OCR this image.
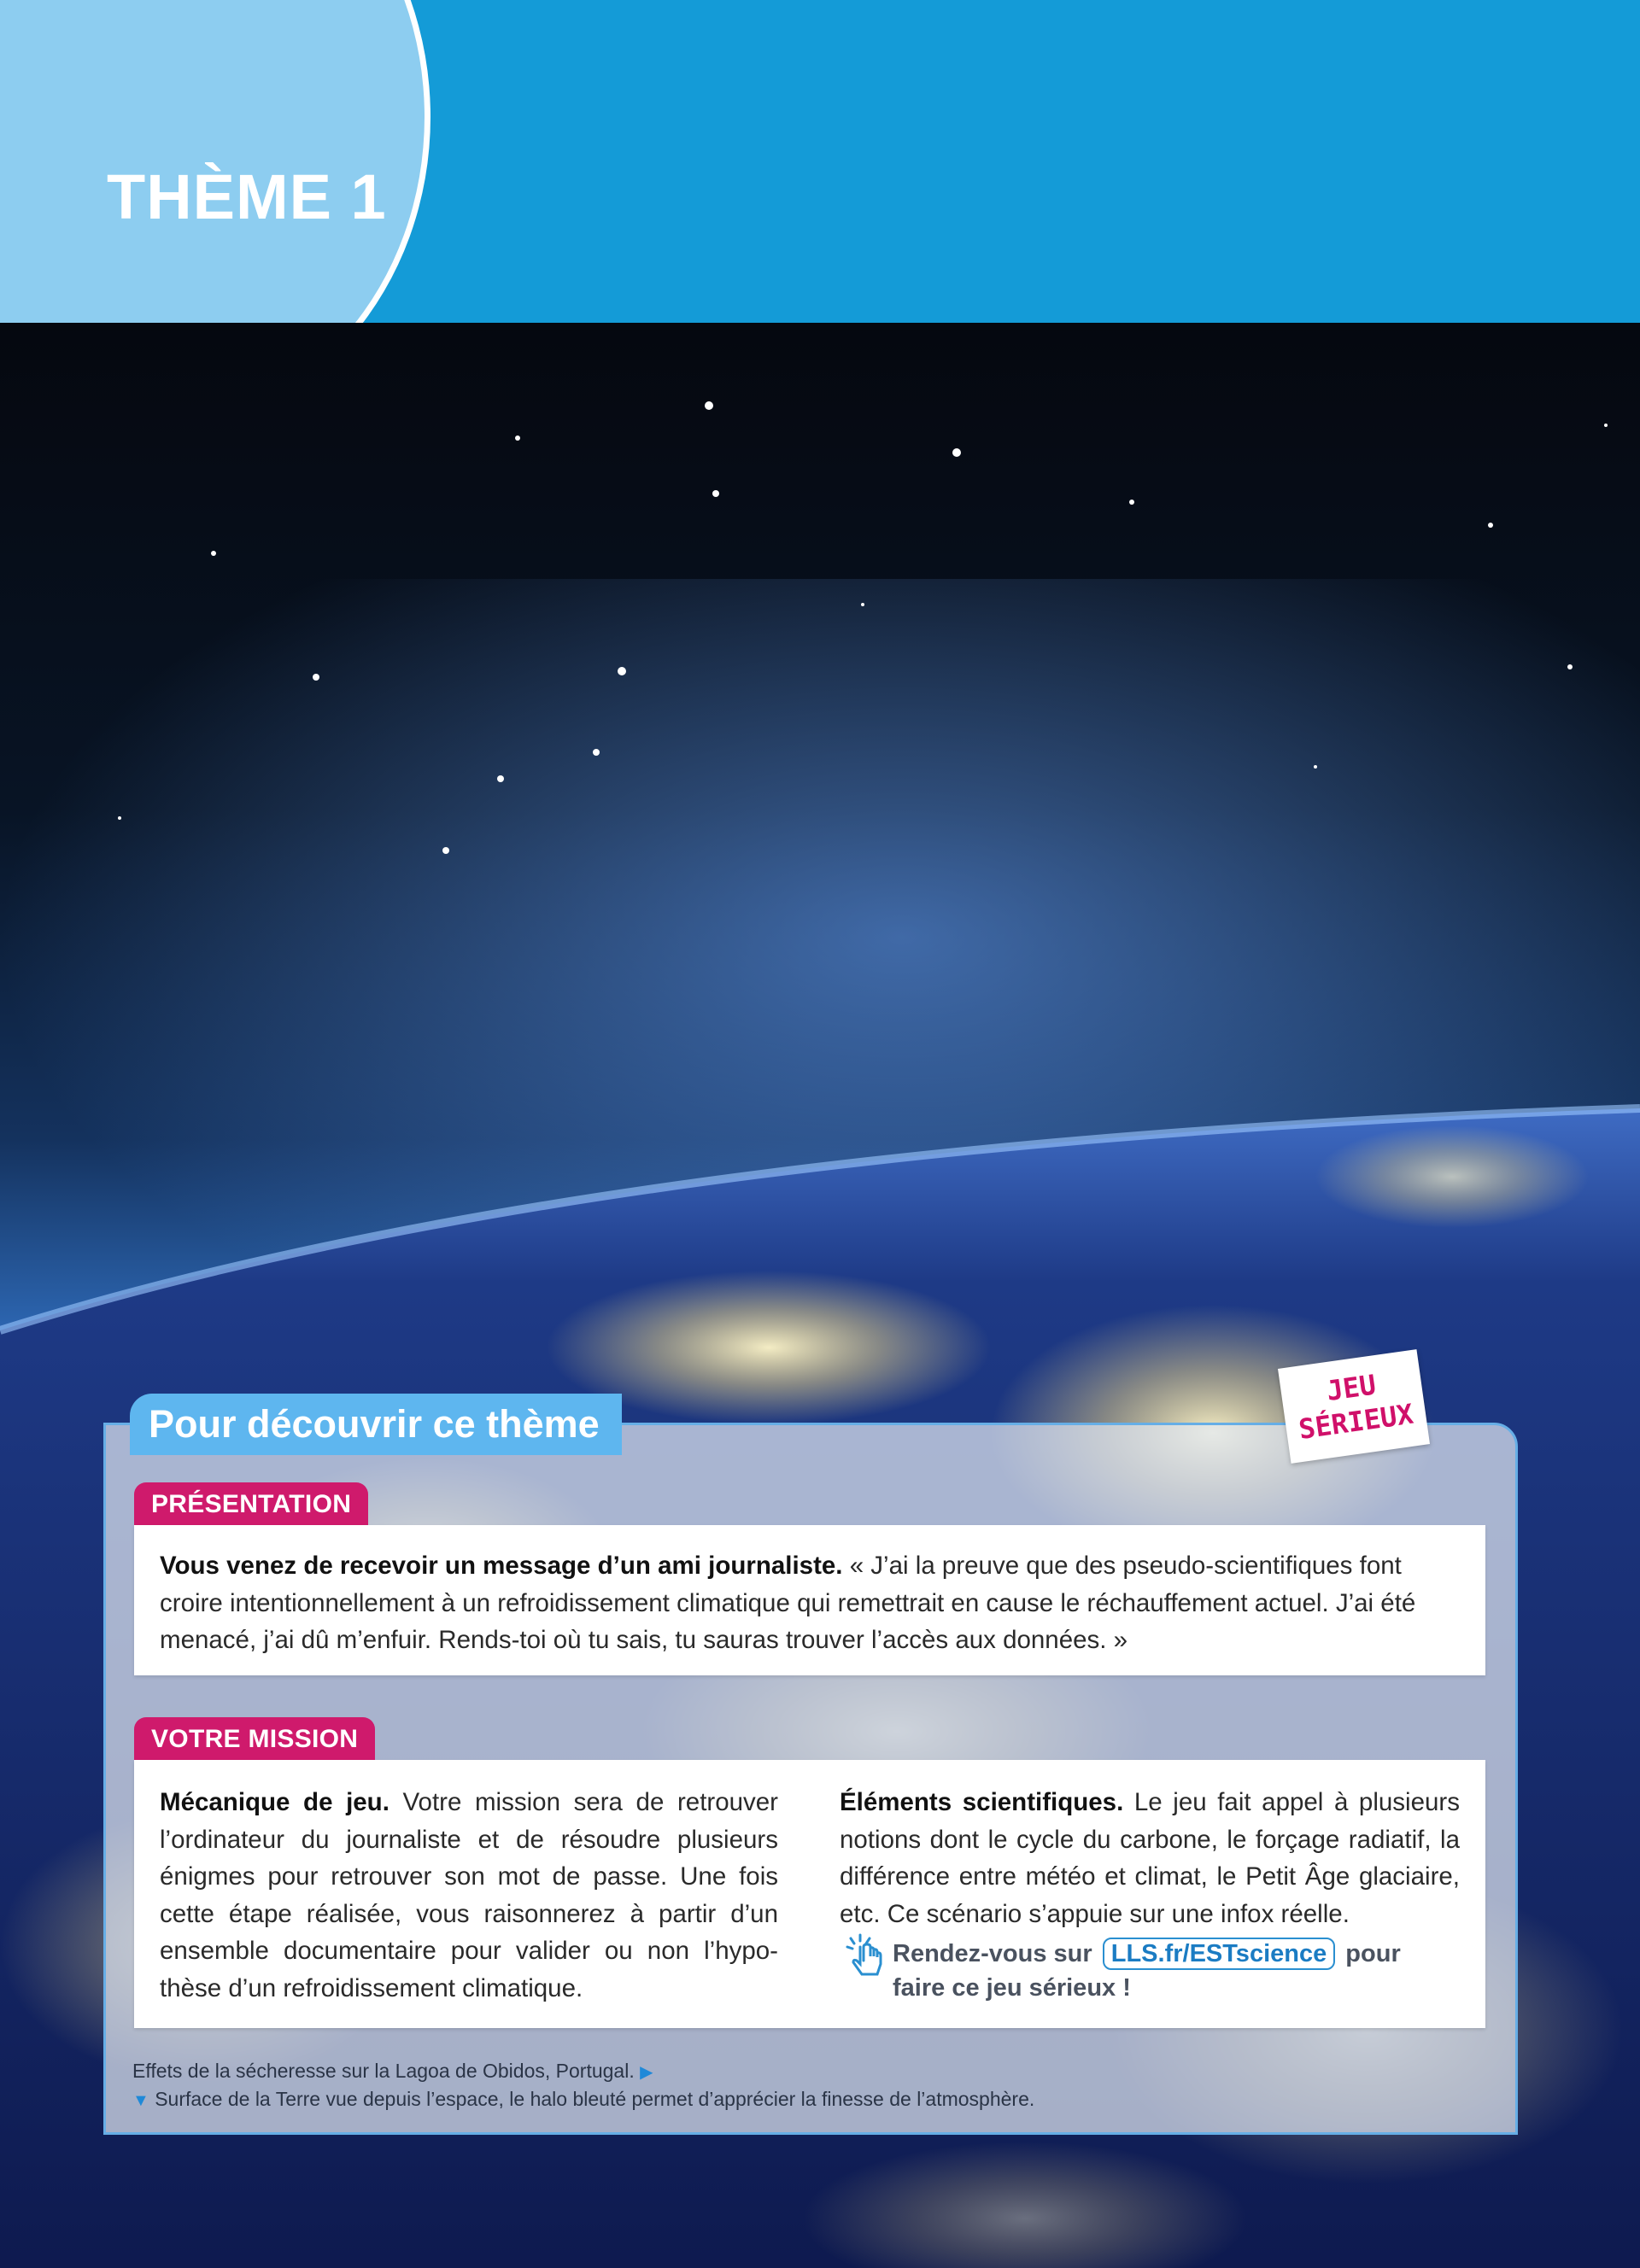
THÈME 1
Pour découvrir ce thème
JEU
SÉRIEUX
PRÉSENTATION

Vous venez de recevoir un message d’un ami journaliste. « J’ai la preuve que des pseudo-scientifiques font croire intentionnellement à un refroidissement climatique qui remettrait en cause le réchauffement actuel. J’ai été menacé, j’ai dû m’enfuir. Rends-toi où tu sais, tu sauras trouver l’accès aux données. »

VOTRE MISSION

Mécanique de jeu. Votre mission sera de retrouver l’ordinateur du journaliste et de résoudre plusieurs énigmes pour retrouver son mot de passe. Une fois cette étape réalisée, vous raisonnerez à partir d’un ensemble documentaire pour valider ou non l’hypothèse d’un refroidissement climatique.

Éléments scientifiques. Le jeu fait appel à plusieurs notions dont le cycle du carbone, le forçage radiatif, la différence entre météo et climat, le Petit Âge glaciaire, etc. Ce scénario s’appuie sur une infox réelle.

Rendez-vous sur LLS.fr/ESTscience pour faire ce jeu sérieux !
Effets de la sécheresse sur la Lagoa de Obidos, Portugal. ▶
▼ Surface de la Terre vue depuis l’espace, le halo bleuté permet d’apprécier la finesse de l’atmosphère.
